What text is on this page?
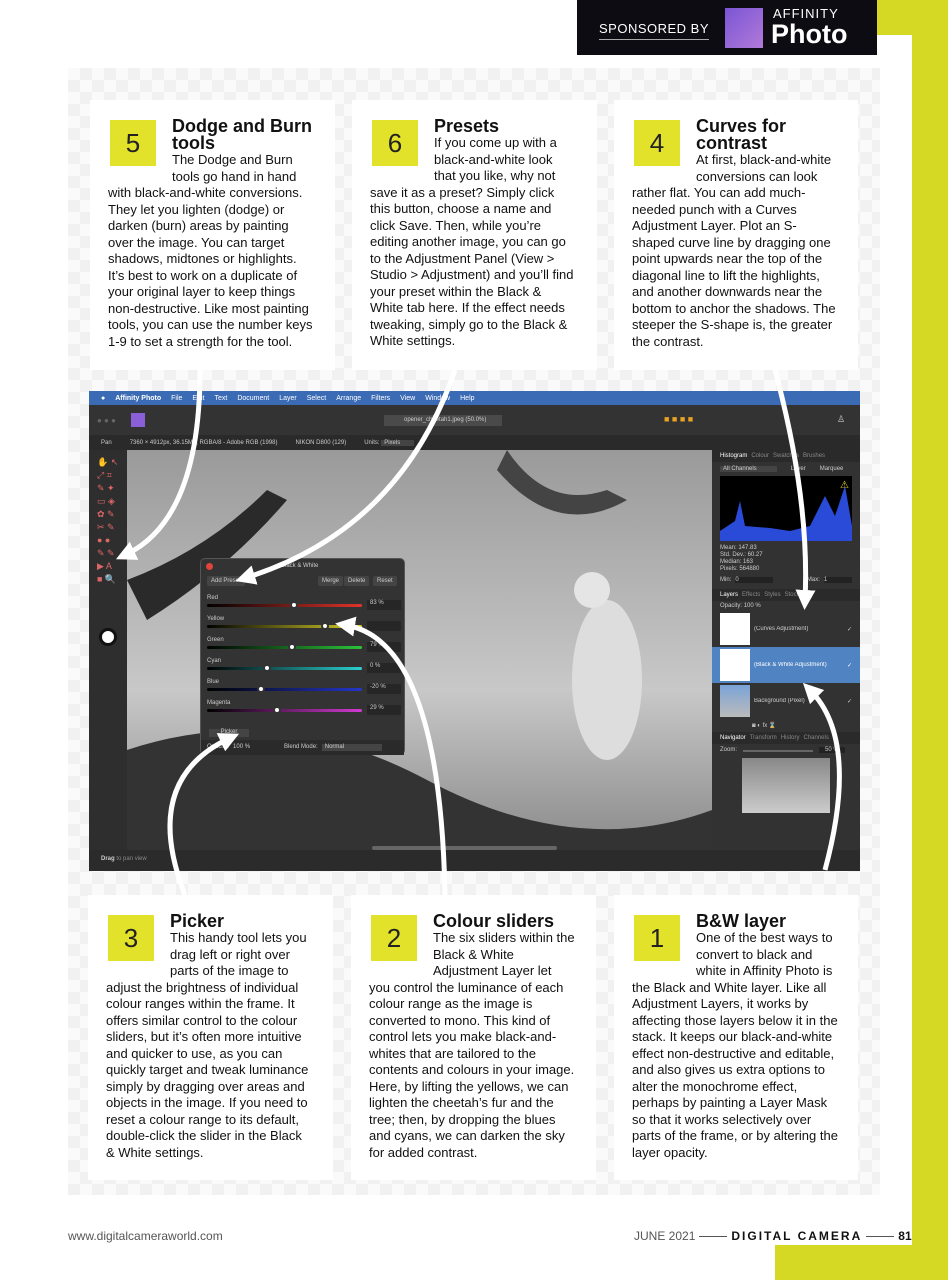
SPONSORED BY
AFFINITY
Photo
5
Dodge and Burn tools

The Dodge and Burn tools go hand in hand with black-and-white conversions. They let you lighten (dodge) or darken (burn) areas by painting over the image. You can target shadows, midtones or highlights. It’s best to work on a duplicate of your original layer to keep things non-destructive. Like most painting tools, you can use the number keys 1-9 to set a strength for the tool.

6
Presets

If you come up with a black-and-white look that you like, why not save it as a preset? Simply click this button, choose a name and click Save. Then, while you’re editing another image, you can go to the Adjustment Panel (View > Studio > Adjustment) and you’ll find your preset within the Black & White tab here. If the effect needs tweaking, simply go to the Black & White settings.

4
Curves for contrast

At first, black-and-white conversions can look rather flat. You can add much-needed punch with a Curves Adjustment Layer. Plot an S-shaped curve line by dragging one point upwards near the top of the diagonal line to lift the highlights, and another downwards near the bottom to anchor the shadows. The steeper the S-shape is, the greater the contrast.

3
Picker

This handy tool lets you drag left or right over parts of the image to adjust the brightness of individual colour ranges within the frame. It offers similar control to the colour sliders, but it’s often more intuitive and quicker to use, as you can quickly target and tweak luminance simply by dragging over areas and objects in the image. If you need to reset a colour range to its default, double-click the slider in the Black & White settings.

2
Colour sliders

The six sliders within the Black & White Adjustment Layer let you control the luminance of each colour range as the image is converted to mono. This kind of control lets you make black-and-whites that are tailored to the contents and colours in your image. Here, by lifting the yellows, we can lighten the cheetah’s fur and the tree; then, by dropping the blues and cyans, we can darken the sky for added contrast.

1
B&W layer

One of the best ways to convert to black and white in Affinity Photo is the Black and White layer. Like all Adjustment Layers, it works by affecting those layers below it in the stack. It keeps our black-and-white effect non-destructive and editable, and also gives us extra options to alter the monochrome effect, perhaps by painting a Layer Mask so that it works selectively over parts of the frame, or by altering the layer opacity.

● Affinity Photo File Edit Text Document Layer Select Arrange Filters View Window Help
● ● ●	opener_cheetah1.jpeg (50.0%)	■ ■ ■ ■	♙
Pan	7360 × 4912px, 36.15MP, RGBA/8 - Adobe RGB (1998)	NIKON D800 (129)	Units: Pixels
✋ ↖
⤢ ⌗
✎ ✦
▭ ◈
✿ ✎
✂ ✎
● ●
✎ ✎
▶ A
■ 🔍
Histogram Colour Swatches Brushes
All Channels	Layer Marquee
⚠
Mean: 147.83
Std. Dev.: 60.27
Median: 163
Pixels: 564880
Min: 0	Max: 1
Layers Effects Styles Stock
Opacity: 100 %
(Curves Adjustment)	✓
(Black & White Adjustment)	✓
Background (Pixel)	✓
◙ ◐ fx ⌛
Navigator Transform History Channels
Zoom:	50 %
Black & White
Red
83 %
Yellow
Green
79 %
Cyan
0 %
Blue
-20 %
Magenta
29 %
Picker
Opacity: 100 %	Blend Mode:	Normal
Add Preset	Merge	Delete	Reset
Drag to pan view
www.digitalcameraworld.com	JUNE 2021	DIGITAL CAMERA	81
